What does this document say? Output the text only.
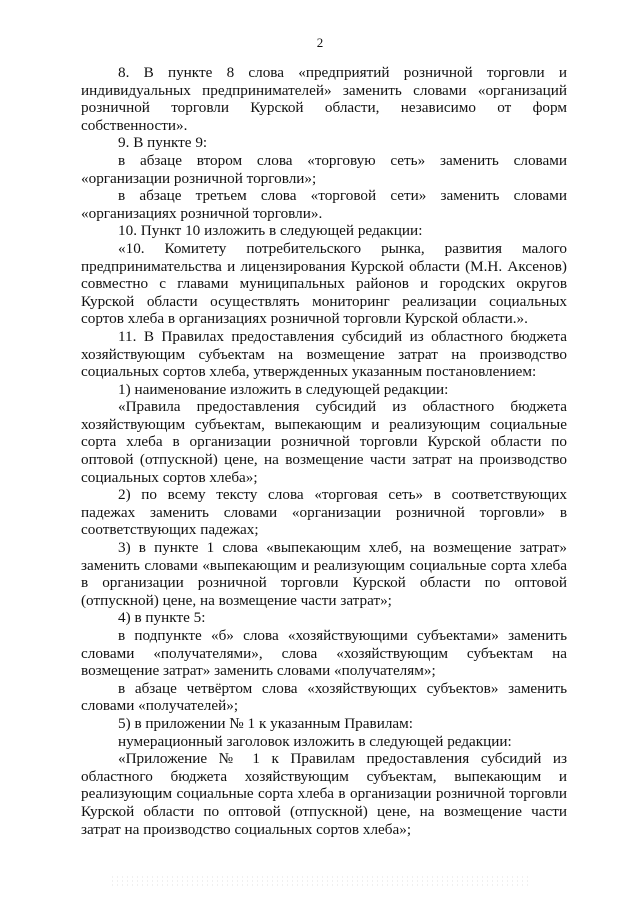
2

8. В пункте 8 слова «предприятий розничной торговли и индивидуальных предпринимателей» заменить словами «организаций розничной торговли Курской области, независимо от форм собственности».

9. В пункте 9:

в абзаце втором слова «торговую сеть» заменить словами «организации розничной торговли»;

в абзаце третьем слова «торговой сети» заменить словами «организациях розничной торговли».

10. Пункт 10 изложить в следующей редакции:

«10. Комитету потребительского рынка, развития малого предпринимательства и лицензирования Курской области (М.Н. Аксенов) совместно с главами муниципальных районов и городских округов Курской области осуществлять мониторинг реализации социальных сортов хлеба в организациях розничной торговли Курской области.».

11. В Правилах предоставления субсидий из областного бюджета хозяйствующим субъектам на возмещение затрат на производство социальных сортов хлеба, утвержденных указанным постановлением:

1) наименование изложить в следующей редакции:

«Правила предоставления субсидий из областного бюджета хозяйствующим субъектам, выпекающим и реализующим социальные сорта хлеба в организации розничной торговли Курской области по оптовой (отпускной) цене, на возмещение части затрат на производство социальных сортов хлеба»;

2) по всему тексту слова «торговая сеть» в соответствующих падежах заменить словами «организации розничной торговли» в соответствующих падежах;

3) в пункте 1 слова «выпекающим хлеб, на возмещение затрат» заменить словами «выпекающим и реализующим социальные сорта хлеба в организации розничной торговли Курской области по оптовой (отпускной) цене, на возмещение части затрат»;

4) в пункте 5:

в подпункте «б» слова «хозяйствующими субъектами» заменить словами «получателями», слова «хозяйствующим субъектам на возмещение затрат» заменить словами «получателям»;

в абзаце четвёртом слова «хозяйствующих субъектов» заменить словами «получателей»;

5) в приложении № 1 к указанным Правилам:

нумерационный заголовок изложить в следующей редакции:

«Приложение № 1 к Правилам предоставления субсидий из областного бюджета хозяйствующим субъектам, выпекающим и реализующим социальные сорта хлеба в организации розничной торговли Курской области по оптовой (отпускной) цене, на возмещение части затрат на производство социальных сортов хлеба»;
